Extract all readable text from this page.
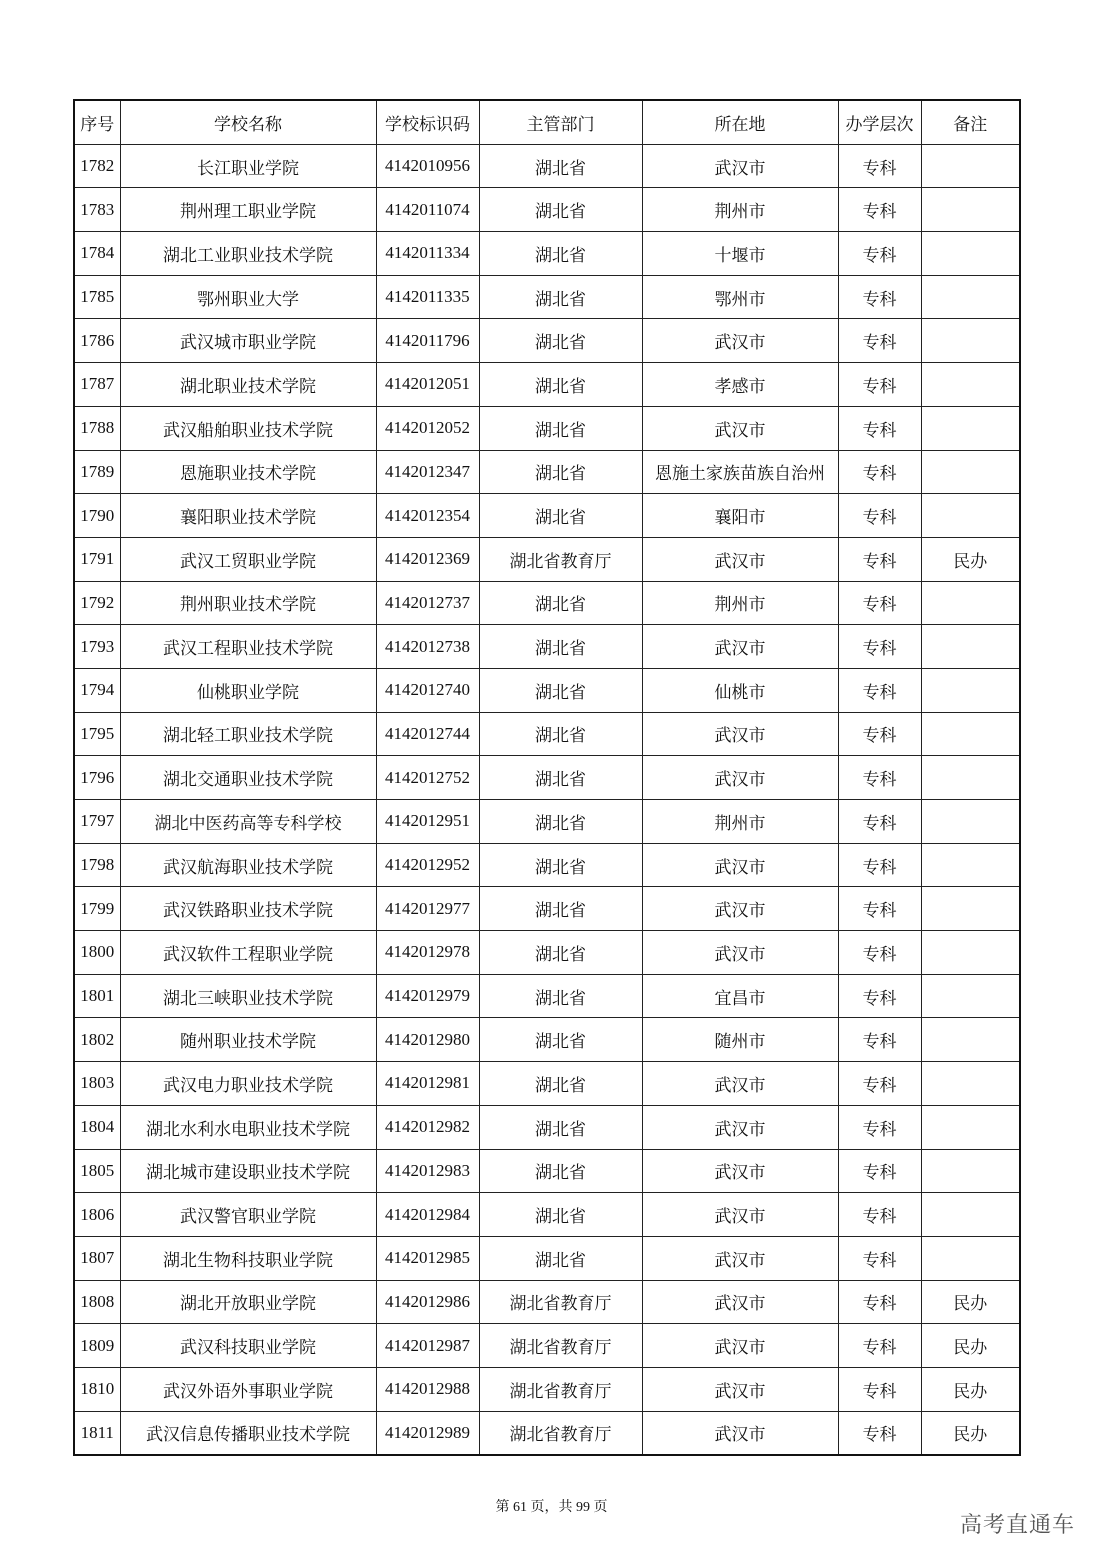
序号	学校名称	学校标识码	主管部门	所在地	办学层次	备注
1782	长江职业学院	4142010956	湖北省	武汉市	专科	
1783	荆州理工职业学院	4142011074	湖北省	荆州市	专科	
1784	湖北工业职业技术学院	4142011334	湖北省	十堰市	专科	
1785	鄂州职业大学	4142011335	湖北省	鄂州市	专科	
1786	武汉城市职业学院	4142011796	湖北省	武汉市	专科	
1787	湖北职业技术学院	4142012051	湖北省	孝感市	专科	
1788	武汉船舶职业技术学院	4142012052	湖北省	武汉市	专科	
1789	恩施职业技术学院	4142012347	湖北省	恩施土家族苗族自治州	专科	
1790	襄阳职业技术学院	4142012354	湖北省	襄阳市	专科	
1791	武汉工贸职业学院	4142012369	湖北省教育厅	武汉市	专科	民办
1792	荆州职业技术学院	4142012737	湖北省	荆州市	专科	
1793	武汉工程职业技术学院	4142012738	湖北省	武汉市	专科	
1794	仙桃职业学院	4142012740	湖北省	仙桃市	专科	
1795	湖北轻工职业技术学院	4142012744	湖北省	武汉市	专科	
1796	湖北交通职业技术学院	4142012752	湖北省	武汉市	专科	
1797	湖北中医药高等专科学校	4142012951	湖北省	荆州市	专科	
1798	武汉航海职业技术学院	4142012952	湖北省	武汉市	专科	
1799	武汉铁路职业技术学院	4142012977	湖北省	武汉市	专科	
1800	武汉软件工程职业学院	4142012978	湖北省	武汉市	专科	
1801	湖北三峡职业技术学院	4142012979	湖北省	宜昌市	专科	
1802	随州职业技术学院	4142012980	湖北省	随州市	专科	
1803	武汉电力职业技术学院	4142012981	湖北省	武汉市	专科	
1804	湖北水利水电职业技术学院	4142012982	湖北省	武汉市	专科	
1805	湖北城市建设职业技术学院	4142012983	湖北省	武汉市	专科	
1806	武汉警官职业学院	4142012984	湖北省	武汉市	专科	
1807	湖北生物科技职业学院	4142012985	湖北省	武汉市	专科	
1808	湖北开放职业学院	4142012986	湖北省教育厅	武汉市	专科	民办
1809	武汉科技职业学院	4142012987	湖北省教育厅	武汉市	专科	民办
1810	武汉外语外事职业学院	4142012988	湖北省教育厅	武汉市	专科	民办
1811	武汉信息传播职业技术学院	4142012989	湖北省教育厅	武汉市	专科	民办
第 61 页，共 99 页
高考直通车
